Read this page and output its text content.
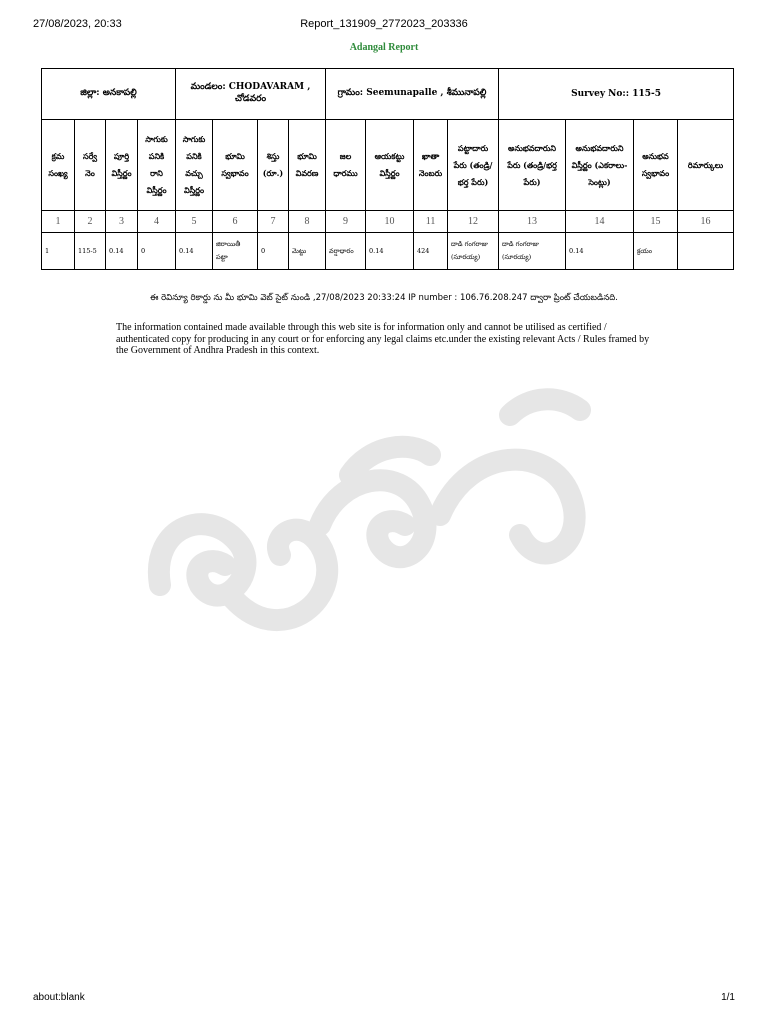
27/08/2023, 20:33	Report_131909_2772023_203336
Adangal Report
జిల్లా: అనకాపల్లి				మండలం: CHODAVARAM , చోడవరం				గ్రామం: Seemunapalle , శీమునాపల్లి				Survey No:: 115-5			
క్రమ సంఖ్య	సర్వే నెం	పూర్తి విస్తీర్ణం	సాగుకు పనికి రాని విస్తీర్ణం	సాగుకు పనికి వచ్చు విస్తీర్ణం	భూమి స్వభావం	శిస్తు (రూ.)	భూమి వివరణ	జల ధారము	ఆయకట్టు విస్తీర్ణం	ఖాతా నెంబరు	పట్టాదారు పేరు (తండ్రి/ భర్త పేరు)	అనుభవదారుని పేరు (తండ్రి/భర్త పేరు)	అనుభవదారుని విస్తీర్ణం (ఎకరాలు-సెంట్లు)	అనుభవ స్వభావం	రిమార్కులు
1	2	3	4	5	6	7	8	9	10	11	12	13	14	15	16
1	115-5	0.14	0	0.14	జిరాయితీ పట్టా	0	మెట్టు	వర్షాధారం	0.14	424	దాడి గంగరాజు (సూరయ్య)	దాడి గంగరాజు (సూరయ్య)	0.14	క్రయం	
ఈ రెవిన్యూ రికార్డు ను మీ భూమి వెబ్ సైట్ నుండి ,27/08/2023 20:33:24 IP number : 106.76.208.247 ద్వారా ప్రింట్ చేయబడినది.
The information contained made available through this web site is for information only and cannot be utilised as certified / authenticated copy for producing in any court or for enforcing any legal claims etc.under the existing relevant Acts / Rules framed by the Government of Andhra Pradesh in this context.
about:blank	1/1
